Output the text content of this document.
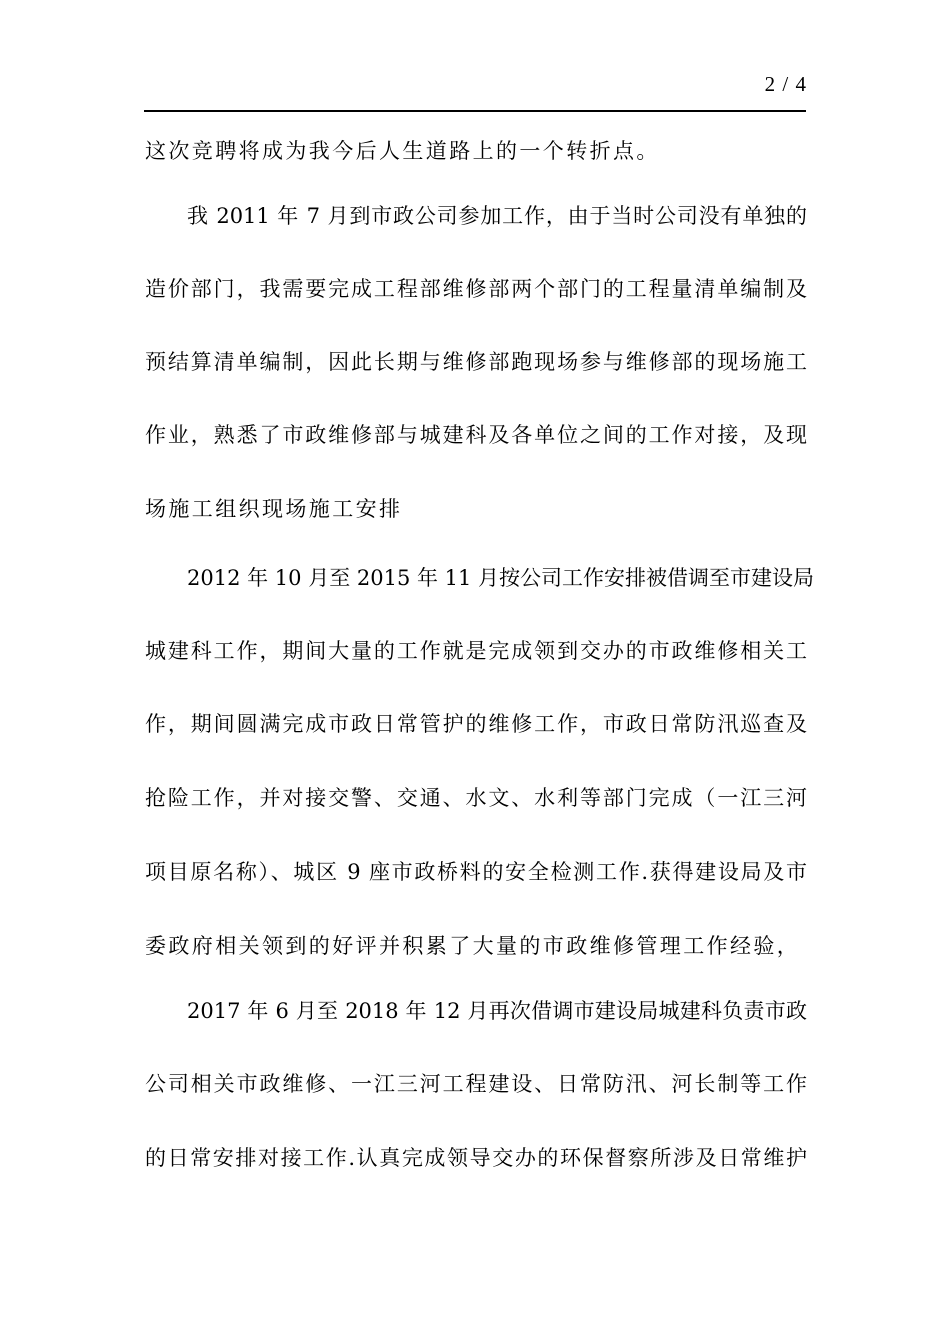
2 / 4
这次竞聘将成为我今后人生道路上的一个转折点。
我 2011 年 7 月到市政公司参加工作，由于当时公司没有单独的
造价部门，我需要完成工程部维修部两个部门的工程量清单编制及
预结算清单编制，因此长期与维修部跑现场参与维修部的现场施工
作业，熟悉了市政维修部与城建科及各单位之间的工作对接，及现
场施工组织现场施工安排
2012 年 10 月至 2015 年 11 月按公司工作安排被借调至市建设局
城建科工作，期间大量的工作就是完成领到交办的市政维修相关工
作，期间圆满完成市政日常管护的维修工作，市政日常防汛巡查及
抢险工作，并对接交警、交通、水文、水利等部门完成（一江三河
项目原名称）、城区 9 座市政桥料的安全检测工作.获得建设局及市
委政府相关领到的好评并积累了大量的市政维修管理工作经验，
2017 年 6 月至 2018 年 12 月再次借调市建设局城建科负责市政
公司相关市政维修、一江三河工程建设、日常防汛、河长制等工作
的日常安排对接工作.认真完成领导交办的环保督察所涉及日常维护
